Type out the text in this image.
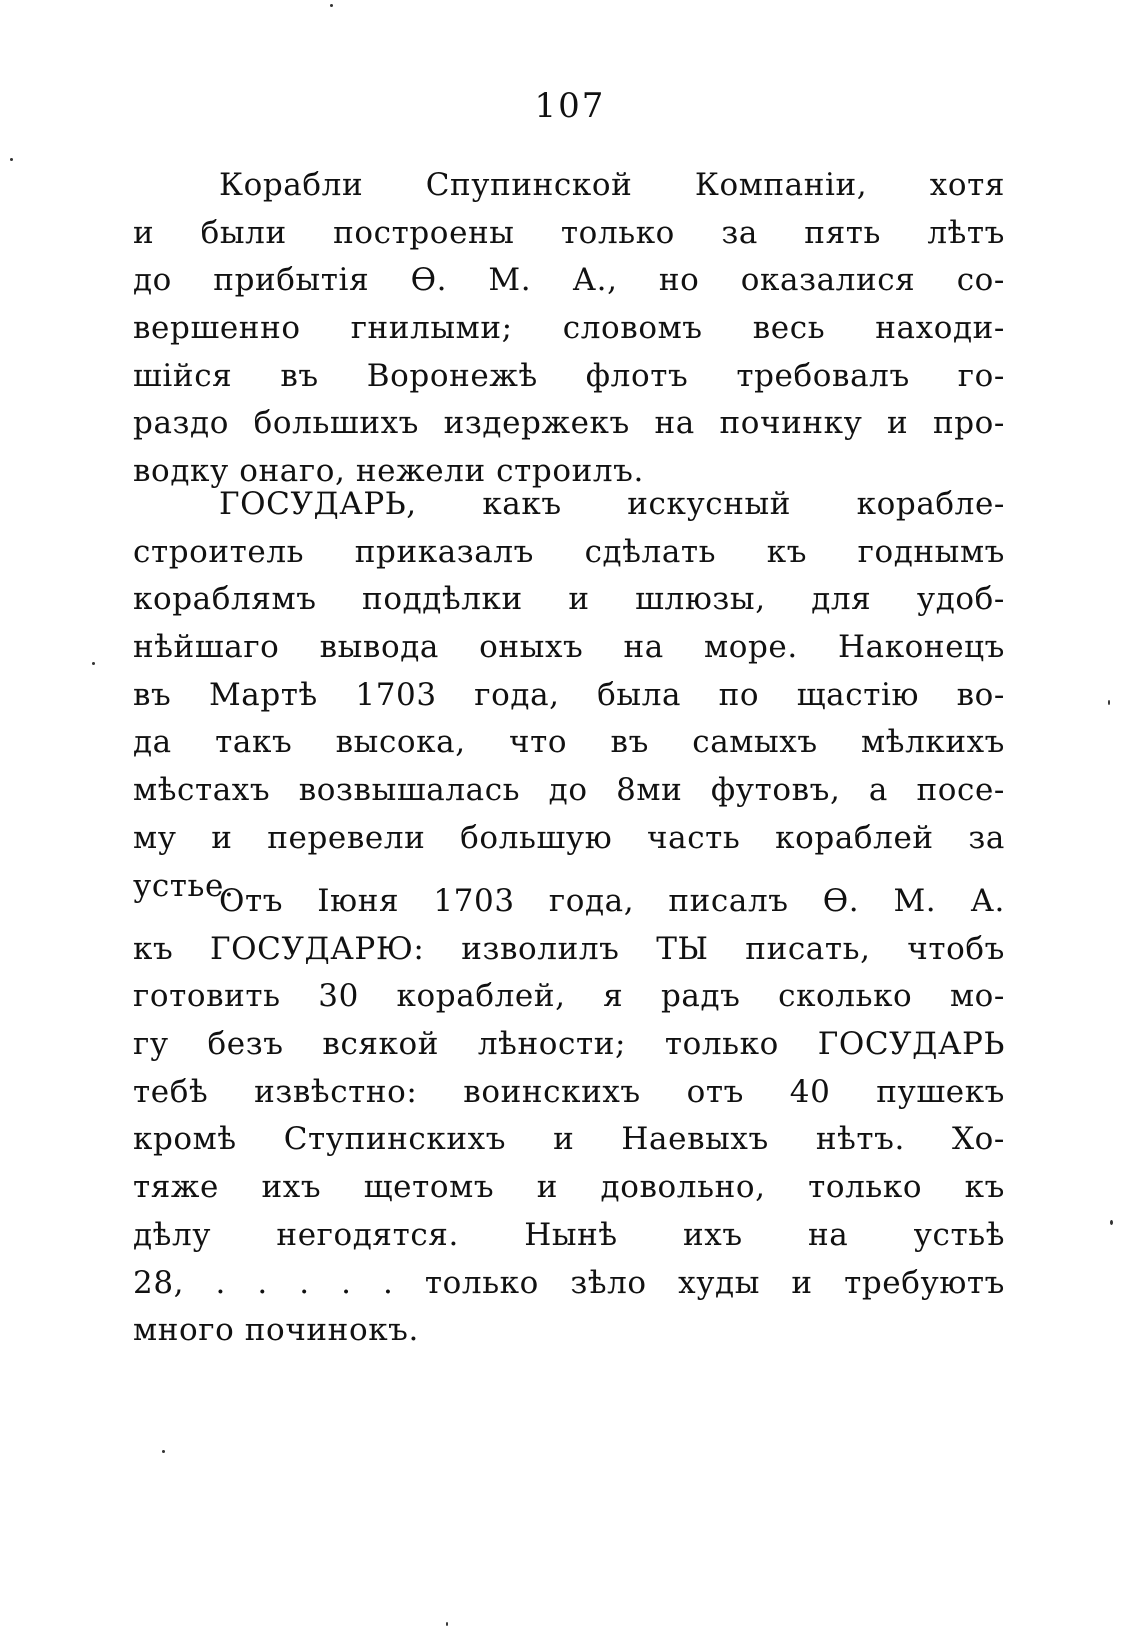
107
Корабли Спупинской Компаніи, хотя
и были построены только за пять лѣтъ
до прибытія Ѳ. М. А., но оказалися со-
вершенно гнилыми; словомъ весь находи-
шійся въ Воронежѣ флотъ требовалъ го-
раздо большихъ издержекъ на починку и про-
водку онаго, нежели строилъ.
ГОСУДАРЬ, какъ искусный корабле-
строитель приказалъ сдѣлать къ годнымъ
кораблямъ поддѣлки и шлюзы, для удоб-
нѣйшаго вывода оныхъ на море. Наконецъ
въ Мартѣ 1703 года, была по щастію во-
да такъ высока, что въ самыхъ мѣлкихъ
мѣстахъ возвышалась до 8ми футовъ, а посе-
му и перевели большую часть кораблей за
устье.
Отъ Іюня 1703 года, писалъ Ѳ. М. А.
къ ГОСУДАРЮ: изволилъ ТЫ писать, чтобъ
готовить 30 кораблей, я радъ сколько мо-
гу безъ всякой лѣности; только ГОСУДАРЬ
тебѣ извѣстно: воинскихъ отъ 40 пушекъ
кромѣ Ступинскихъ и Наевыхъ нѣтъ. Хо-
тяже ихъ щетомъ и довольно, только къ
дѣлу негодятся. Нынѣ ихъ на устьѣ
28, . . . . . только зѣло худы и требуютъ
много починокъ.
